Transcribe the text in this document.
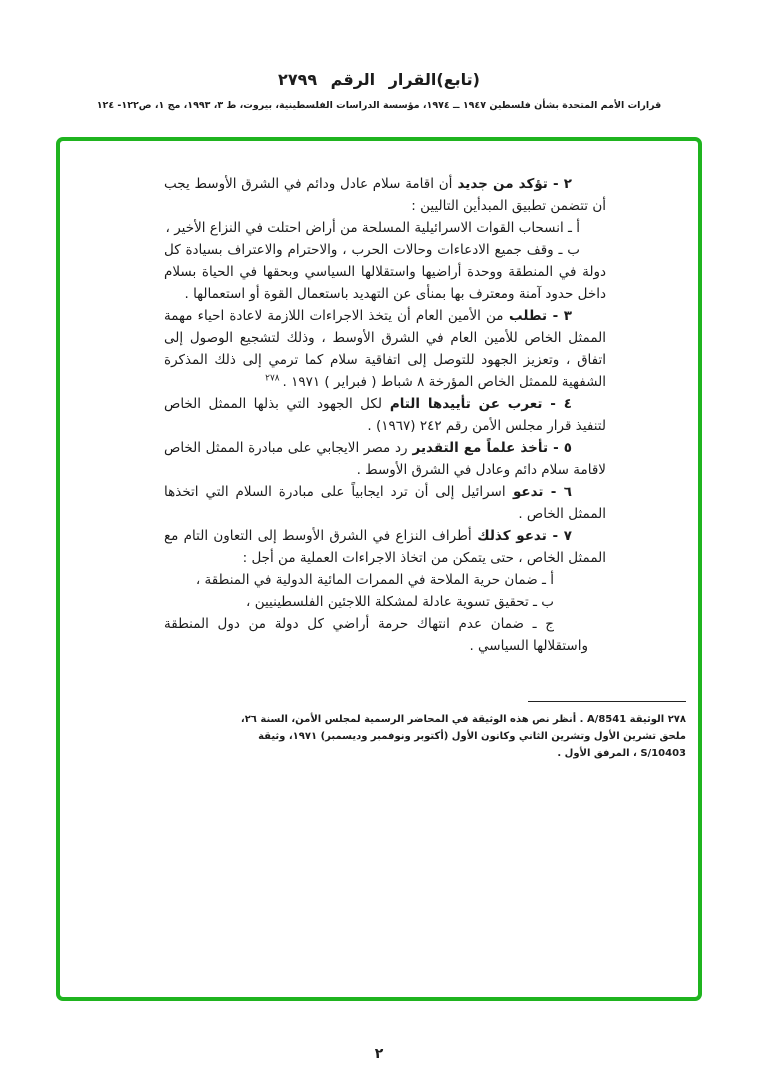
(تابع)القرار الرقم ٢٧٩٩
قرارات الأمم المتحدة بشأن فلسطين ١٩٤٧ ــ ١٩٧٤، مؤسسة الدراسات الفلسطينية، بيروت، ط ٣، ١٩٩٣، مج ١، ص١٢٢- ١٢٤
٢ - تؤكد من جديد أن اقامة سلام عادل ودائم في الشرق الأوسط يجب أن تتضمن تطبيق المبدأين التاليين :
أ ـ انسحاب القوات الاسرائيلية المسلحة من أراض احتلت في النزاع الأخير ،
ب ـ وقف جميع الادعاءات وحالات الحرب ، والاحترام والاعتراف بسيادة كل دولة في المنطقة ووحدة أراضيها واستقلالها السياسي وبحقها في الحياة بسلام داخل حدود آمنة ومعترف بها بمنأى عن التهديد باستعمال القوة أو استعمالها .
٣ - تطلب من الأمين العام أن يتخذ الاجراءات اللازمة لاعادة احياء مهمة الممثل الخاص للأمين العام في الشرق الأوسط ، وذلك لتشجيع الوصول إلى اتفاق ، وتعزيز الجهود للتوصل إلى اتفاقية سلام كما ترمي إلى ذلك المذكرة الشفهية للممثل الخاص المؤرخة ٨ شباط ( فبراير ) ١٩٧١ . $^{٢٧٨}$
٤ - تعرب عن تأييدها التام لكل الجهود التي بذلها الممثل الخاص لتنفيذ قرار مجلس الأمن رقم ٢٤٢ (١٩٦٧) .
٥ - تأخذ علماً مع التقدير رد مصر الايجابي على مبادرة الممثل الخاص لاقامة سلام دائم وعادل في الشرق الأوسط .
٦ - تدعو اسرائيل إلى أن ترد ايجابياً على مبادرة السلام التي اتخذها الممثل الخاص .
٧ - تدعو كذلك أطراف النزاع في الشرق الأوسط إلى التعاون التام مع الممثل الخاص ، حتى يتمكن من اتخاذ الاجراءات العملية من أجل :
أ ـ ضمان حرية الملاحة في الممرات المائية الدولية في المنطقة ،
ب ـ تحقيق تسوية عادلة لمشكلة اللاجئين الفلسطينيين ،
ج ـ ضمان عدم انتهاك حرمة أراضي كل دولة من دول المنطقة واستقلالها السياسي .
٢٧٨ الوثيقة A/8541 . أنظر نص هذه الوثيقة في المحاضر الرسمية لمجلس الأمن، السنة ٢٦،
ملحق تشرين الأول وتشرين الثاني وكانون الأول (أكتوبر ونوفمبر وديسمبر) ١٩٧١، وثيقة
S/10403 ، المرفق الأول .
٢
